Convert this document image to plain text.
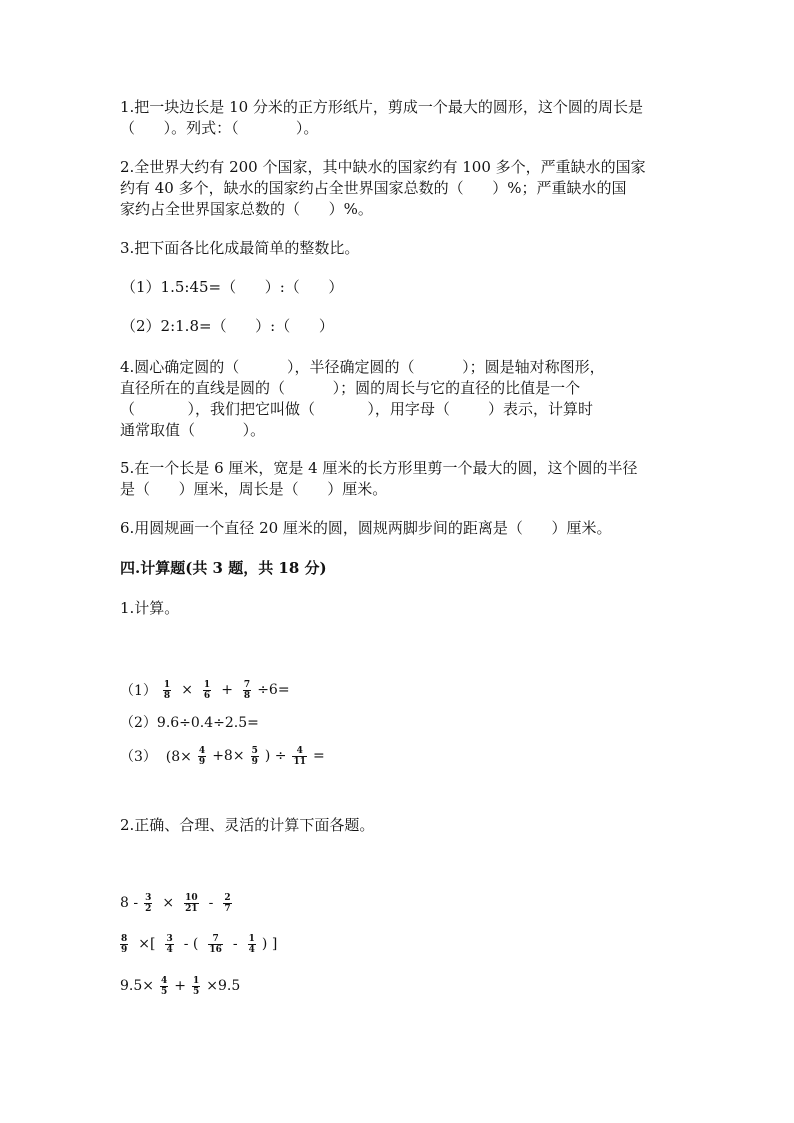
1.把一块边长是 10 分米的正方形纸片，剪成一个最大的圆形，这个圆的周长是
（      ）。列式：（            ）。
2.全世界大约有 200 个国家，其中缺水的国家约有 100 多个，严重缺水的国家
约有 40 多个，缺水的国家约占全世界国家总数的（      ）%；严重缺水的国
家约占全世界国家总数的（      ）%。
3.把下面各比化成最简单的整数比。
（1）1.5:45=（      ）:（      ）
（2）2:1.8=（      ）:（      ）
4.圆心确定圆的（          ），半径确定圆的（          ）；圆是轴对称图形，
直径所在的直线是圆的（          ）；圆的周长与它的直径的比值是一个
（           ），我们把它叫做（           ），用字母（        ）表示，计算时
通常取值（          ）。
5.在一个长是 6 厘米，宽是 4 厘米的长方形里剪一个最大的圆，这个圆的半径
是（      ）厘米，周长是（      ）厘米。
6.用圆规画一个直径 20 厘米的圆，圆规两脚步间的距离是（      ）厘米。
四.计算题(共 3 题，共 18 分)
1.计算。
$(1) \frac{1}{8} \times \frac{1}{6} + \frac{7}{8} \div 6=$
（2）9.6÷0.4÷2.5=
（3）  ($8\times \frac{4}{9} +8\times \frac{5}{9}$ ) ÷ $\frac{4}{11}$ =
2.正确、合理、灵活的计算下面各题。
$8 - \frac{3}{2} \times \frac{10}{21} - \frac{2}{7}$
$\frac{8}{9}$ ×[ $\frac{3}{4}$ - ( $\frac{7}{16} - \frac{1}{4}$ ) ]
$9.5\times \frac{4}{5} + \frac{1}{5} \times 9.5$
